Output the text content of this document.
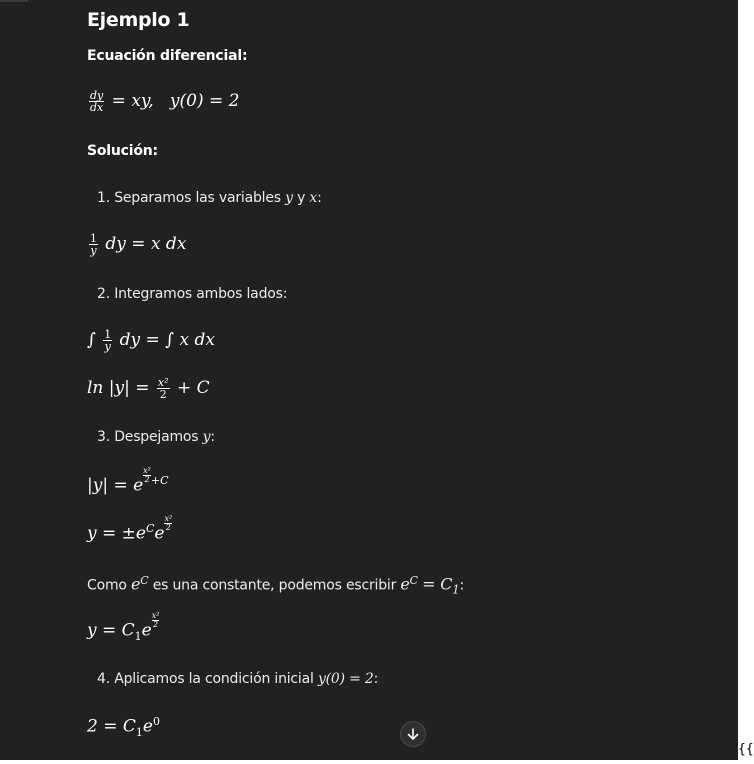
Ejemplo 1
Ecuación diferencial:
$\frac{dy}{dx}$ = xy, y(0) = 2
Solución:
1. Separamos las variables y y x:
$\frac{1}{y}$ dy = x dx
2. Integramos ambos lados:
∫ $\frac{1}{y}$ dy = ∫ x dx
$\ln |y| = \frac{\text{x²}}{2} + C$
3. Despejamos y:
|y| = e $^{\frac{\text{x²}}{2} +C}$
$y = \pm e^Ce$ $^{\frac{\text{x²}}{2}}$
Como $e^C$ es una constante, podemos escribir $e^C = C_1$:
$y = C_1e$ $^{\frac{\text{x²}}{2}}$
4. Aplicamos la condición inicial y(0) = 2:
$2 = C_1e^0$
{{
